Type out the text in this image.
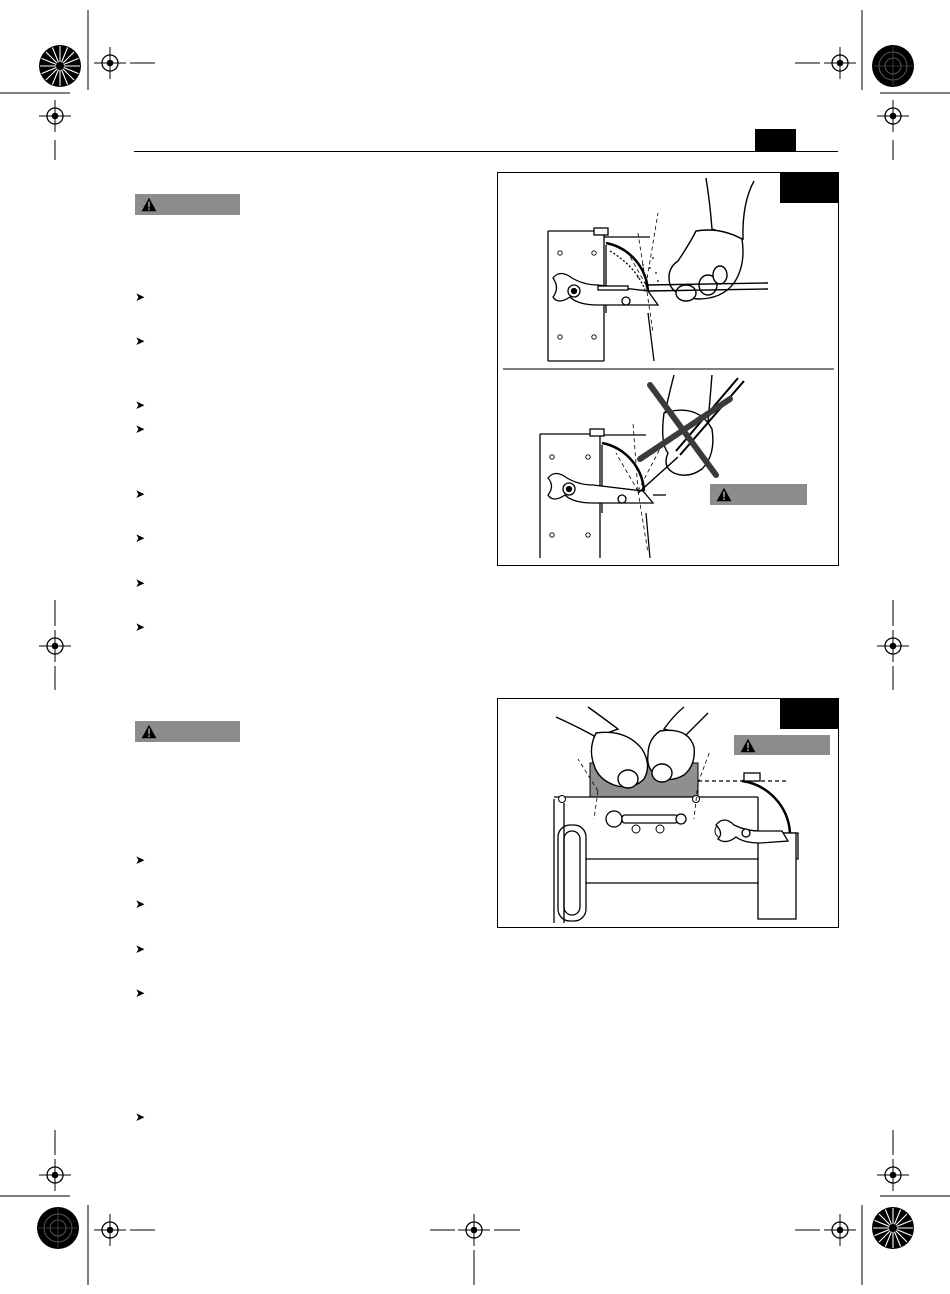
➤
➤
➤
➤
➤
➤
➤
➤
➤
➤
➤
➤
➤
